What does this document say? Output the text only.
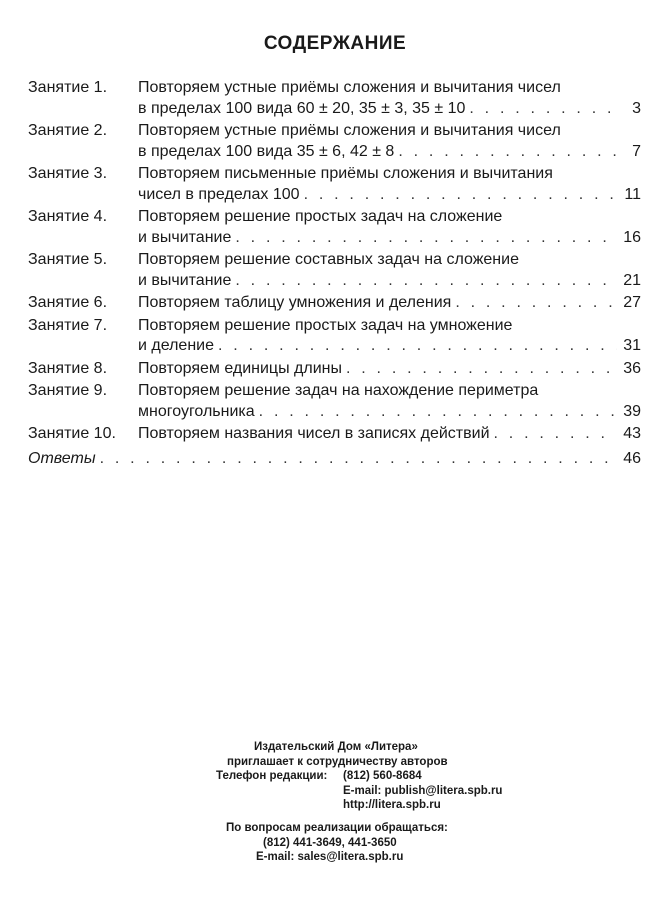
СОДЕРЖАНИЕ
Занятие 1.	Повторяем устные приёмы сложения и вычитания чисел
в пределах 100 вида 60 ± 20, 35 ± 3, 35 ± 10 . . .	3
Занятие 2.	Повторяем устные приёмы сложения и вычитания чисел
в пределах 100 вида 35 ± 6, 42 ± 8 . . .	7
Занятие 3.	Повторяем письменные приёмы сложения и вычитания
чисел в пределах 100 . . .	11
Занятие 4.	Повторяем решение простых задач на сложение
и вычитание . . .	16
Занятие 5.	Повторяем решение составных задач на сложение
и вычитание . . .	21
Занятие 6.	Повторяем таблицу умножения и деления . . .	27
Занятие 7.	Повторяем решение простых задач на умножение
и деление . . .	31
Занятие 8.	Повторяем единицы длины . . .	36
Занятие 9.	Повторяем решение задач на нахождение периметра
многоугольника . . .	39
Занятие 10.	Повторяем названия чисел в записях действий . . .	43
Ответы . . .	46
Издательский Дом «Литера»
приглашает к сотрудничеству авторов
Телефон редакции: (812) 560-8684
E-mail: publish@litera.spb.ru
http://litera.spb.ru
По вопросам реализации обращаться:
(812) 441-3649, 441-3650
E-mail: sales@litera.spb.ru
